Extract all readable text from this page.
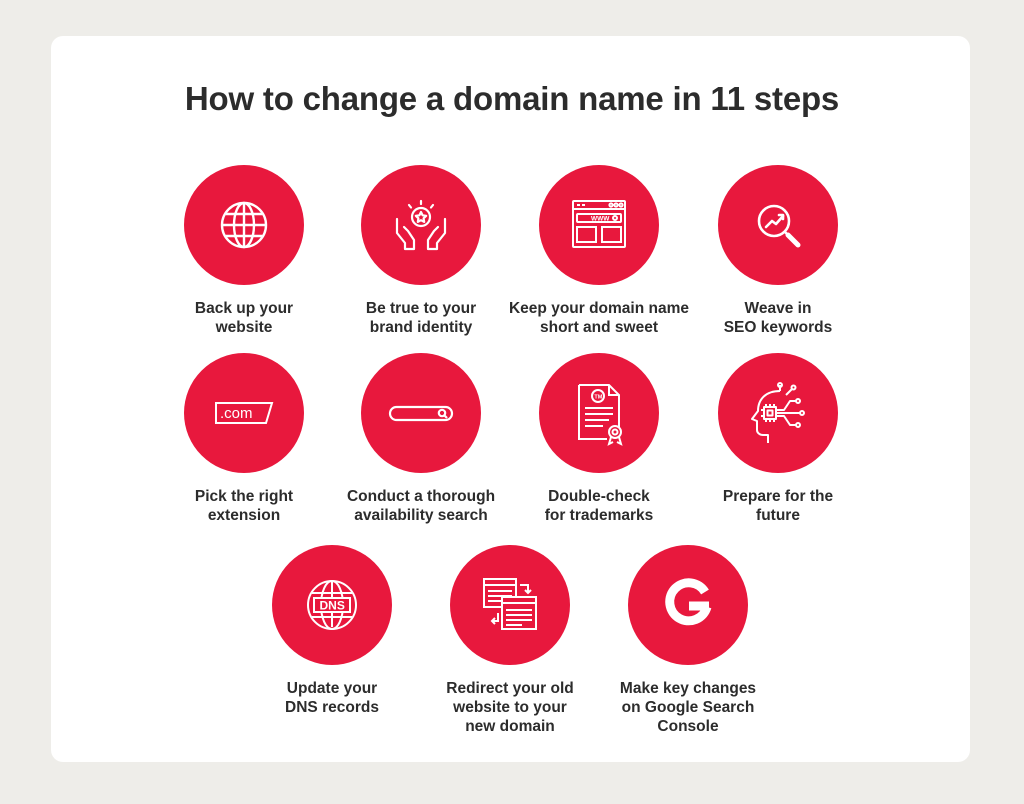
How to change a domain name in 11 steps
Back up your
website
Be true to your
brand identity
WWW
Keep your domain name
short and sweet
Weave in
SEO keywords
.com
Pick the right
extension
Conduct a thorough
availability search
TM
Double-check
for trademarks
Prepare for the
future
DNS
Update your
DNS records
Redirect your old
website to your
new domain
Make key changes
on Google Search
Console
